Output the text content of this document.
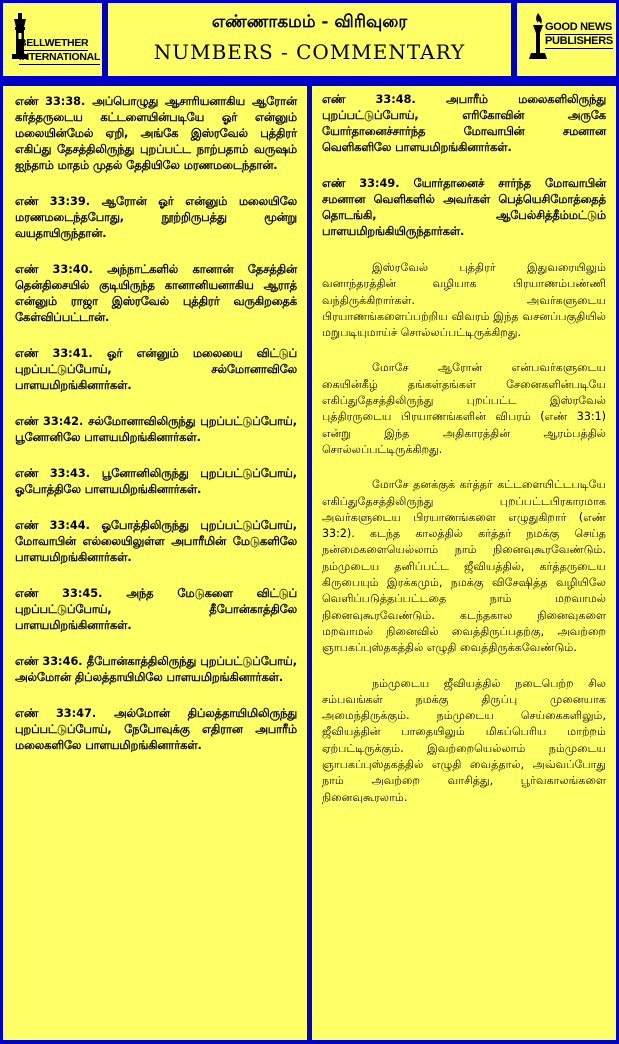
BELLWETHER
INTERNATIONAL
எண்ணாகமம் - விரிவுரை
NUMBERS - COMMENTARY
GOOD NEWS
PUBLISHERS

எண் 33:38. அப்பொழுது ஆசாரியனாகிய ஆரோன் கர்த்தருடைய கட்டளையின்படியே ஓர் என்னும் மலையின்மேல் ஏறி, அங்கே இஸ்ரவேல் புத்திரர் எகிப்து தேசத்திலிருந்து புறப்பட்ட நாற்பதாம் வருஷம் ஐந்தாம் மாதம் முதல் தேதியிலே மரணமடைந்தான்.

எண் 33:39. ஆரோன் ஓர் என்னும் மலையிலே மரணமடைந்தபோது, நூற்றிருபத்து மூன்று வயதாயிருந்தான்.

எண் 33:40. அந்நாட்களில் கானான் தேசத்தின் தென்திசையில் குடியிருந்த கானானியனாகிய ஆராத் என்னும் ராஜா இஸ்ரவேல் புத்திரர் வருகிறதைக் கேள்விப்பட்டான்.

எண் 33:41. ஓர் என்னும் மலையை விட்டுப் புறப்பட்டுப்போய், சல்மோனாவிலே பாளயமிறங்கினார்கள்.

எண் 33:42. சல்மோனாவிலிருந்து புறப்பட்டுப்போய், பூனோனிலே பாளயமிறங்கினார்கள்.

எண் 33:43. பூனோனிலிருந்து புறப்பட்டுப்போய், ஓபோத்திலே பாளயமிறங்கினார்கள்.

எண் 33:44. ஓபோத்திலிருந்து புறப்பட்டுப்போய், மோவாபின் எல்லையிலுள்ள அபாரீமின் மேடுகளிலே பாளயமிறங்கினார்கள்.

எண் 33:45. அந்த மேடுகளை விட்டுப் புறப்பட்டுப்போய், தீபோன்காத்திலே பாளயமிறங்கினார்கள்.

எண் 33:46. தீபோன்காத்திலிருந்து புறப்பட்டுப்போய், அல்மோன் திப்லத்தாயிமிலே பாளயமிறங்கினார்கள்.

எண் 33:47. அல்மோன் திப்லத்தாயிமிலிருந்து புறப்பட்டுப்போய், நேபோவுக்கு எதிரான அபாரீம் மலைகளிலே பாளயமிறங்கினார்கள்.

எண் 33:48. அபாரீம் மலைகளிலிருந்து புறப்பட்டுப்போய், எரிகோவின் அருகே யோர்தானைச்சார்ந்த மோவாபின் சமனான வெளிகளிலே பாளயமிறங்கினார்கள்.

எண் 33:49. யோர்தானைச் சார்ந்த மோவாபின் சமனான வெளிகளில் அவர்கள் பெத்யெசிமோத்தைத் தொடங்கி, ஆபேல்சித்தீம்மட்டும் பாளயமிறங்கியிருந்தார்கள்.

இஸ்ரவேல் புத்திரர் இதுவரையிலும் வனாந்தரத்தின் வழியாக பிரயாணம்பண்ணி வந்திருக்கிறார்கள். அவர்களுடைய பிரயாணங்களைப்பற்றிய விவரம் இந்த வசனப்பகுதியில் மறுபடியுமாய்ச் சொல்லப்பட்டிருக்கிறது.

மோசே ஆரோன் என்பவர்களுடைய கையின்கீழ் தங்கள்தங்கள் சேனைகளின்படியே எகிப்துதேசத்திலிருந்து புறப்பட்ட இஸ்ரவேல் புத்திரருடைய பிரயாணங்களின் விபரம் (எண் 33:1) என்று இந்த அதிகாரத்தின் ஆரம்பத்தில் சொல்லப்பட்டிருக்கிறது.

மோசே தனக்குக் கர்த்தர் கட்டளையிட்டபடியே எகிப்துதேசத்திலிருந்து புறப்பட்டபிரகாரமாக அவர்களுடைய பிரயாணங்களை எழுதுகிறார் (எண் 33:2). கடந்த காலத்தில் கர்த்தர் நமக்கு செய்த நன்மைகளையெல்லாம் நாம் நினைவுகூரவேண்டும். நம்முடைய தனிப்பட்ட ஜீவியத்தில், கர்த்தருடைய கிருபையும் இரக்கமும், நமக்கு விசேஷித்த வழியிலே வெளிப்படுத்தப்பட்டதை நாம் மறவாமல் நினைவுகூரவேண்டும். கடந்தகால நினைவுகளை மறவாமல் நினைவில் வைத்திருப்பதற்கு, அவற்றை ஞாபகப்புஸ்தகத்தில் எழுதி வைத்திருக்கவேண்டும்.

நம்முடைய ஜீவியத்தில் நடைபெற்ற சில சம்பவங்கள் நமக்கு திருப்பு முனையாக அமைந்திருக்கும். நம்முடைய செய்கைகளிலும், ஜீவியத்தின் பாதையிலும் மிகப்பெரிய மாற்றம் ஏற்பட்டிருக்கும். இவற்றையெல்லாம் நம்முடைய ஞாபகப்புஸ்தகத்தில் எழுதி வைத்தால், அவ்வப்போது நாம் அவற்றை வாசித்து, பூர்வகாலங்களை நினைவுகூரலாம்.
